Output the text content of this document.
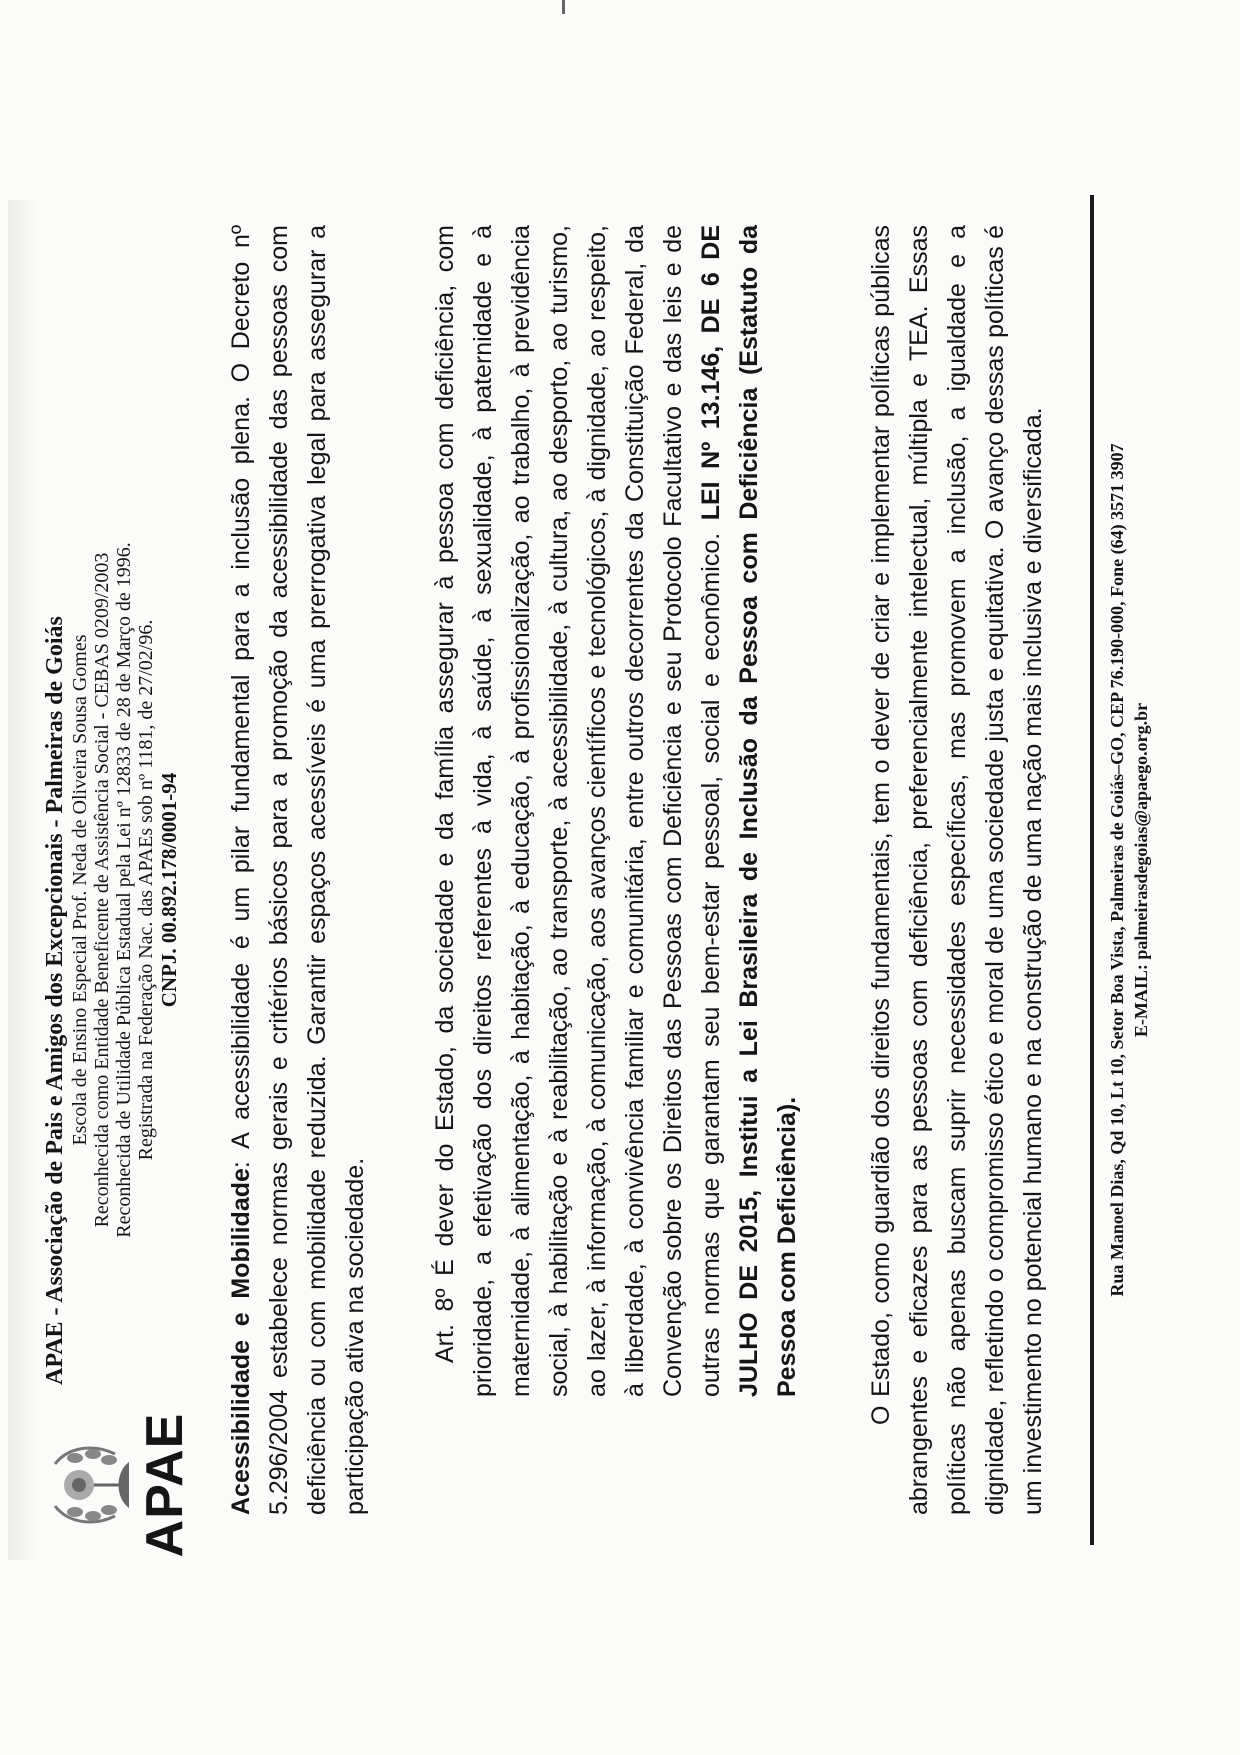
APAE
APAE - Associação de Pais e Amigos dos Excepcionais - Palmeiras de Goiás Escola de Ensino Especial Prof. Neda de Oliveira Sousa Gomes Reconhecida como Entidade Beneficente de Assistência Social - CEBAS 0209/2003 Reconhecida de Utilidade Pública Estadual pela Lei nº 12833 de 28 de Março de 1996. Registrada na Federação Nac. das APAEs sob nº 1181, de 27/02/96. CNPJ. 00.892.178/0001-94

Acessibilidade e Mobilidade: A acessibilidade é um pilar fundamental para a inclusão plena. O Decreto nº 5.296/2004 estabelece normas gerais e critérios básicos para a promoção da acessibilidade das pessoas com deficiência ou com mobilidade reduzida. Garantir espaços acessíveis é uma prerrogativa legal para assegurar a participação ativa na sociedade. Art. 8º É dever do Estado, da sociedade e da família assegurar à pessoa com deficiência, com prioridade, a efetivação dos direitos referentes à vida, à saúde, à sexualidade, à paternidade e à maternidade, à alimentação, à habitação, à educação, à profissionalização, ao trabalho, à previdência social, à habilitação e à reabilitação, ao transporte, à acessibilidade, à cultura, ao desporto, ao turismo, ao lazer, à informação, à comunicação, aos avanços científicos e tecnológicos, à dignidade, ao respeito, à liberdade, à convivência familiar e comunitária, entre outros decorrentes da Constituição Federal, da Convenção sobre os Direitos das Pessoas com Deficiência e seu Protocolo Facultativo e das leis e de outras normas que garantam seu bem-estar pessoal, social e econômico. LEI Nº 13.146, DE 6 DE JULHO DE 2015, Institui a Lei Brasileira de Inclusão da Pessoa com Deficiência (Estatuto da Pessoa com Deficiência).	O Estado, como guardião dos direitos fundamentais, tem o dever de criar e implementar políticas públicas abrangentes e eficazes para as pessoas com deficiência, preferencialmente intelectual, múltipla e TEA. Essas políticas não apenas buscam suprir necessidades específicas, mas promovem a inclusão, a igualdade e a dignidade, refletindo o compromisso ético e moral de uma sociedade justa e equitativa. O avanço dessas políticas é um investimento no potencial humano e na construção de uma nação mais inclusiva e diversificada.	Rua Manoel Dias, Qd 10, Lt 10, Setor Boa Vista, Palmeiras de Goiás–GO, CEP 76.190-000, Fone (64) 3571 3907 E-MAIL: palmeirasdegoias@apaego.org.br
